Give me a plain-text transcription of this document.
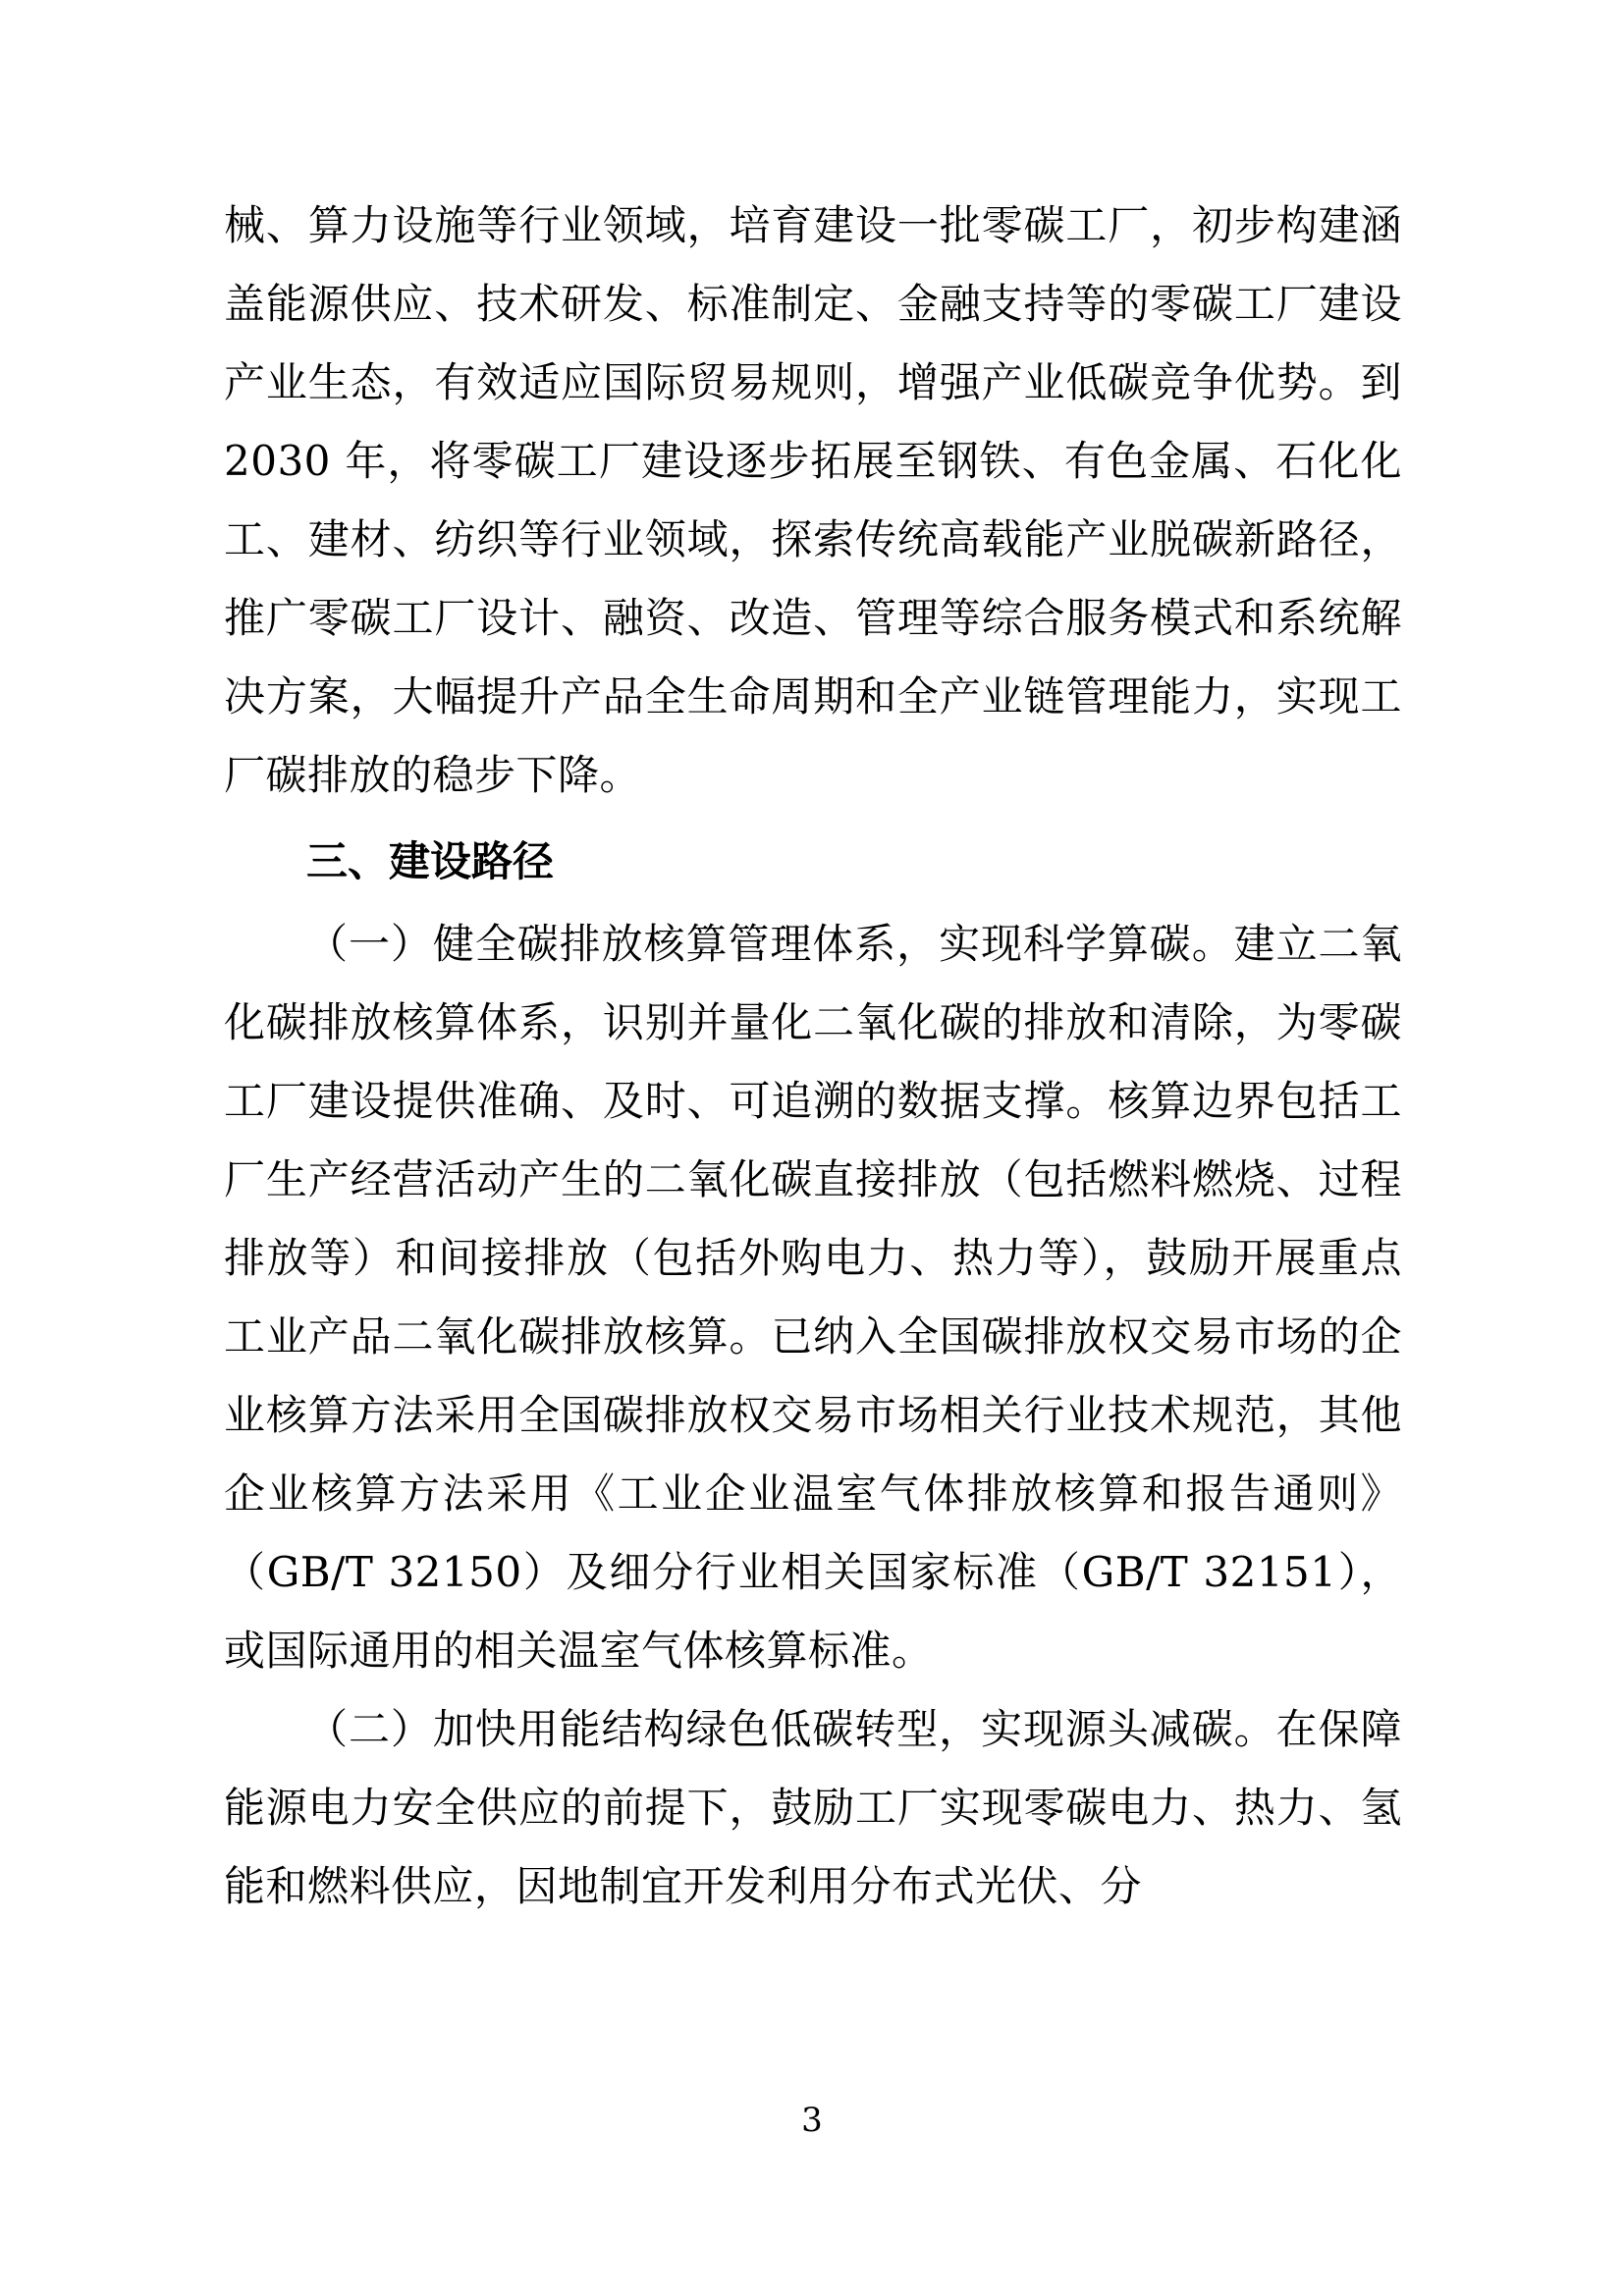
械、算力设施等行业领域，培育建设一批零碳工厂，初步构建涵盖能源供应、技术研发、标准制定、金融支持等的零碳工厂建设产业生态，有效适应国际贸易规则，增强产业低碳竞争优势。到 2030 年，将零碳工厂建设逐步拓展至钢铁、有色金属、石化化工、建材、纺织等行业领域，探索传统高载能产业脱碳新路径，推广零碳工厂设计、融资、改造、管理等综合服务模式和系统解决方案，大幅提升产品全生命周期和全产业链管理能力，实现工厂碳排放的稳步下降。

三、建设路径

（一）健全碳排放核算管理体系，实现科学算碳。建立二氧化碳排放核算体系，识别并量化二氧化碳的排放和清除，为零碳工厂建设提供准确、及时、可追溯的数据支撑。核算边界包括工厂生产经营活动产生的二氧化碳直接排放（包括燃料燃烧、过程排放等）和间接排放（包括外购电力、热力等），鼓励开展重点工业产品二氧化碳排放核算。已纳入全国碳排放权交易市场的企业核算方法采用全国碳排放权交易市场相关行业技术规范，其他企业核算方法采用《工业企业温室气体排放核算和报告通则》（GB/T 32150）及细分行业相关国家标准（GB/T 32151），或国际通用的相关温室气体核算标准。

（二）加快用能结构绿色低碳转型，实现源头减碳。在保障能源电力安全供应的前提下，鼓励工厂实现零碳电力、热力、氢能和燃料供应，因地制宜开发利用分布式光伏、分

3
